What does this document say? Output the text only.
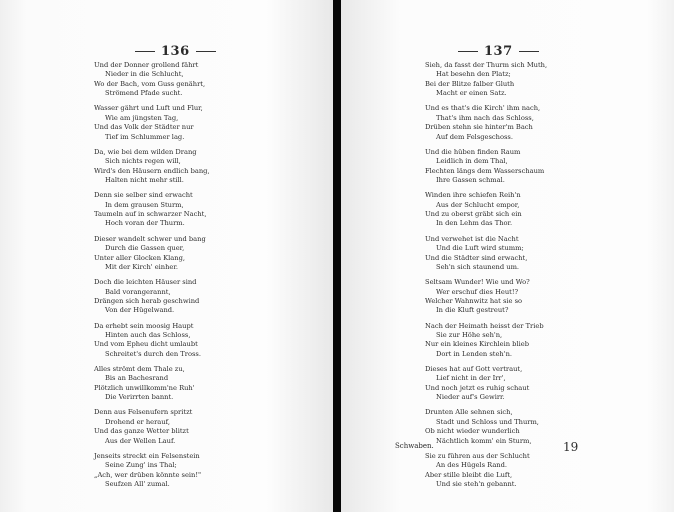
136
Und der Donner grollend fährt
Nieder in die Schlucht,
Wo der Bach, vom Guss genährt,
Strömend Pfade sucht.
Wasser gährt und Luft und Flur,
Wie am jüngsten Tag,
Und das Volk der Städter nur
Tief im Schlummer lag.
Da, wie bei dem wilden Drang
Sich nichts regen will,
Wird's den Häusern endlich bang,
Halten nicht mehr still.
Denn sie selber sind erwacht
In dem grausen Sturm,
Taumeln auf in schwarzer Nacht,
Hoch voran der Thurm.
Dieser wandelt schwer und bang
Durch die Gassen quer,
Unter aller Glocken Klang,
Mit der Kirch' einher.
Doch die leichten Häuser sind
Bald vorangerannt,
Drängen sich herab geschwind
Von der Hügelwand.
Da erhebt sein moosig Haupt
Hinten auch das Schloss,
Und vom Epheu dicht umlaubt
Schreitet's durch den Tross.
Alles strömt dem Thale zu,
Bis an Bachesrand
Plötzlich unwillkomm'ne Ruh'
Die Verirrten bannt.
Denn aus Felsenufern spritzt
Drohend er herauf,
Und das ganze Wetter blitzt
Aus der Wellen Lauf.
Jenseits streckt ein Felsenstein
Seine Zung' ins Thal;
„Ach, wer drüben könnte sein!"
Seufzen All' zumal.
137
Sieh, da fasst der Thurm sich Muth,
Hat besehn den Platz;
Bei der Blitze falber Gluth
Macht er einen Satz.
Und es that's die Kirch' ihm nach,
That's ihm nach das Schloss,
Drüben stehn sie hinter'm Bach
Auf dem Felsgeschoss.
Und die hüben finden Raum
Leidlich in dem Thal,
Flechten längs dem Wasserschaum
Ihre Gassen schmal.
Winden ihre schiefen Reih'n
Aus der Schlucht empor,
Und zu oberst gräbt sich ein
In den Lehm das Thor.
Und verwehet ist die Nacht
Und die Luft wird stumm;
Und die Städter sind erwacht,
Seh'n sich staunend um.
Seltsam Wunder! Wie und Wo?
Wer erschuf dies Heut!?
Welcher Wahnwitz hat sie so
In die Kluft gestreut?
Nach der Heimath heisst der Trieb
Sie zur Höhe seh'n,
Nur ein kleines Kirchlein blieb
Dort in Lenden steh'n.
Dieses hat auf Gott vertraut,
Lief nicht in der Irr',
Und noch jetzt es ruhig schaut
Nieder auf's Gewirr.
Drunten Alle sehnen sich,
Stadt und Schloss und Thurm,
Ob nicht wieder wunderlich
Nächtlich komm' ein Sturm,
Sie zu führen aus der Schlucht
An des Hügels Rand.
Aber stille bleibt die Luft,
Und sie steh'n gebannt.
Schwaben.	19
